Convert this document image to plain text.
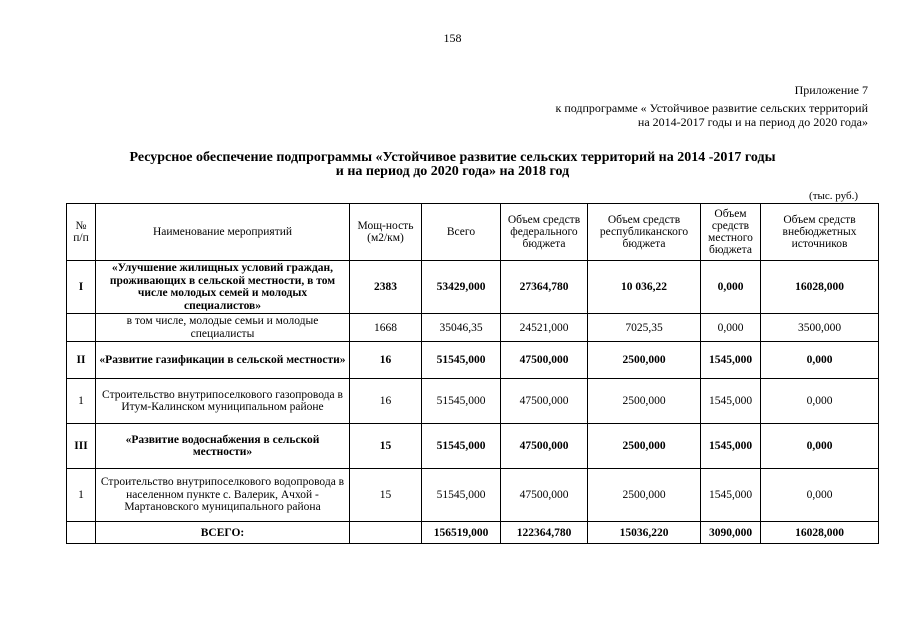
158
Приложение 7
к подпрограмме « Устойчивое развитие сельских территорий
на 2014-2017 годы и на период до 2020 года»
Ресурсное обеспечение подпрограммы «Устойчивое развитие сельских территорий на 2014 -2017 годы
и на период до 2020 года» на 2018 год
(тыс. руб.)
№ п/п	Наименование мероприятий	Мощ-ность (м2/км)	Всего	Объем средств федерального бюджета	Объем средств республиканского бюджета	Объем средств местного бюджета	Объем средств внебюджетных источников
I	«Улучшение жилищных условий граждан, проживающих в сельской местности, в том числе молодых семей и молодых специалистов»	2383	53429,000	27364,780	10 036,22	0,000	16028,000
	в том числе, молодые семьи и молодые специалисты	1668	35046,35	24521,000	7025,35	0,000	3500,000
II	«Развитие газификации в сельской местности»	16	51545,000	47500,000	2500,000	1545,000	0,000
1	Строительство внутрипоселкового газопровода в Итум-Калинском муниципальном районе	16	51545,000	47500,000	2500,000	1545,000	0,000
III	«Развитие водоснабжения в сельской местности»	15	51545,000	47500,000	2500,000	1545,000	0,000
1	Строительство внутрипоселкового водопровода в населенном пункте с. Валерик, Ачхой - Мартановского муниципального района	15	51545,000	47500,000	2500,000	1545,000	0,000
	ВСЕГО:		156519,000	122364,780	15036,220	3090,000	16028,000
